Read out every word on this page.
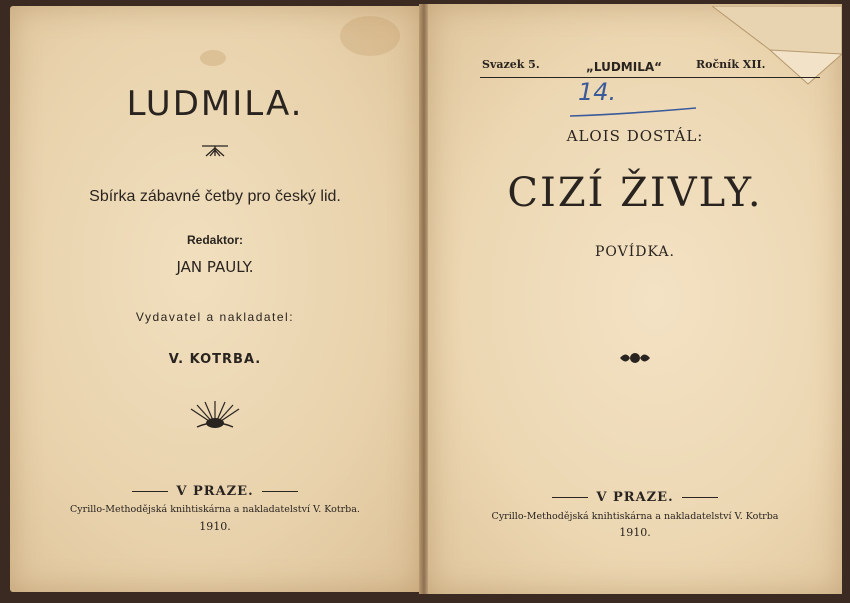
LUDMILA.
Sbírka zábavné četby pro český lid.
Redaktor:
JAN PAULY.
Vydavatel a nakladatel:
V. KOTRBA.
V PRAZE.
Cyrillo-Methodějská knihtiskárna a nakladatelství V. Kotrba.
1910.
Svazek 5.	„LUDMILA“	Ročník XII.
14.
ALOIS DOSTÁL:
CIZÍ ŽIVLY.
POVÍDKA.
V PRAZE.
Cyrillo-Methodějská knihtiskárna a nakladatelství V. Kotrba
1910.
